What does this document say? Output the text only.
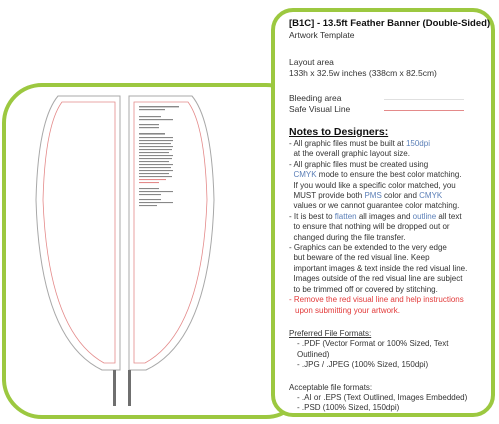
[B1C] - 13.5ft Feather Banner (Double-Sided)
Artwork Template
Layout area
133h x 32.5w inches (338cm x 82.5cm)
Bleeding area
Safe Visual Line
Notes to Designers:
- All graphic files must be built at 150dpi
at the overall graphic layout size.
- All graphic files must be created using
CMYK mode to ensure the best color matching.
If you would like a specific color matched, you
MUST provide both PMS color and CMYK
values or we cannot guarantee color matching.
- It is best to flatten all images and outline all text
to ensure that nothing will be dropped out or
changed during the file transfer.
- Graphics can be extended to the very edge
but beware of the red visual line. Keep
important images & text inside the red visual line.
Images outside of the red visual line are subject
to be trimmed off or covered by stitching.
- Remove the red visual line and help instructions
upon submitting your artwork.
Preferred File Formats:
- .PDF (Vector Format or 100% Sized, Text Outlined)
- .JPG / .JPEG (100% Sized, 150dpi)
Acceptable file formats:
- .AI or .EPS (Text Outlined, Images Embedded)
- .PSD (100% Sized, 150dpi)
